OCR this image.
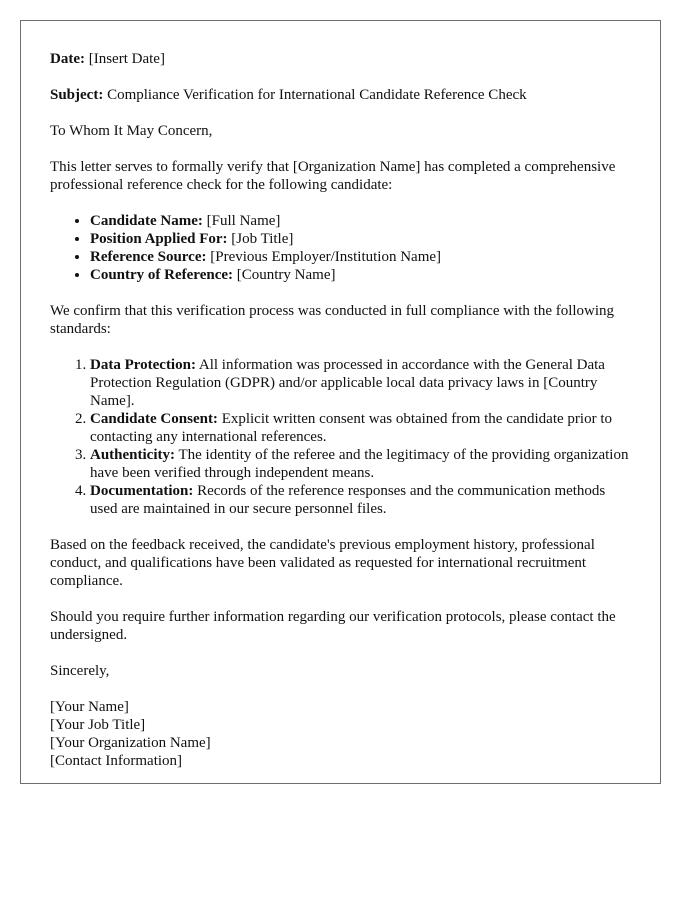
Date: [Insert Date]

Subject: Compliance Verification for International Candidate Reference Check

To Whom It May Concern,

This letter serves to formally verify that [Organization Name] has completed a comprehensive professional reference check for the following candidate:

• Candidate Name: [Full Name]
• Position Applied For: [Job Title]
• Reference Source: [Previous Employer/Institution Name]
• Country of Reference: [Country Name]

We confirm that this verification process was conducted in full compliance with the following standards:

1. Data Protection: All information was processed in accordance with the General Data Protection Regulation (GDPR) and/or applicable local data privacy laws in [Country Name].
2. Candidate Consent: Explicit written consent was obtained from the candidate prior to contacting any international references.
3. Authenticity: The identity of the referee and the legitimacy of the providing organization have been verified through independent means.
4. Documentation: Records of the reference responses and the communication methods used are maintained in our secure personnel files.

Based on the feedback received, the candidate's previous employment history, professional conduct, and qualifications have been validated as requested for international recruitment compliance.

Should you require further information regarding our verification protocols, please contact the undersigned.

Sincerely,

[Your Name]
[Your Job Title]
[Your Organization Name]
[Contact Information]
